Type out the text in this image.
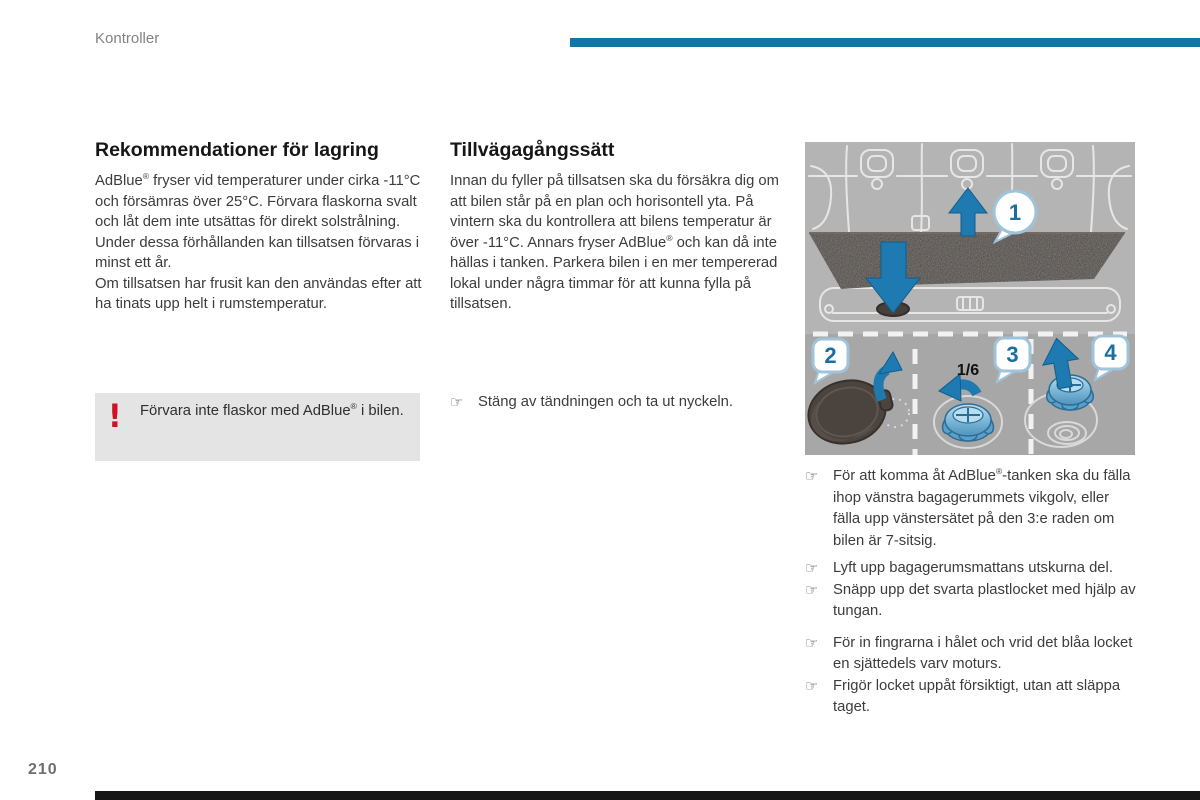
Kontroller
Rekommendationer för lagring

AdBlue® fryser vid temperaturer under cirka -11°C och försämras över 25°C. Förvara flaskorna svalt och låt dem inte utsättas för direkt solstrålning.

Under dessa förhållanden kan tillsatsen förvaras i minst ett år.

Om tillsatsen har frusit kan den användas efter att ha tinats upp helt i rumstemperatur.

! Förvara inte flaskor med AdBlue® i bilen.
Tillvägagångssätt

Innan du fyller på tillsatsen ska du försäkra dig om att bilen står på en plan och horisontell yta. På vintern ska du kontrollera att bilens temperatur är över -11°C. Annars fryser AdBlue® och kan då inte hällas i tanken. Parkera bilen i en mer tempererad lokal under några timmar för att kunna fylla på tillsatsen.

☞ Stäng av tändningen och ta ut nyckeln.
1
2
1/6
3	4
☞ För att komma åt AdBlue®-tanken ska du fälla ihop vänstra bagagerummets vikgolv, eller fälla upp vänstersätet på den 3:e raden om bilen är 7-sitsig.
☞ Lyft upp bagagerumsmattans utskurna del.
☞ Snäpp upp det svarta plastlocket med hjälp av tungan.
☞ För in fingrarna i hålet och vrid det blåa locket en sjättedels varv moturs.
☞ Frigör locket uppåt försiktigt, utan att släppa taget.
210
